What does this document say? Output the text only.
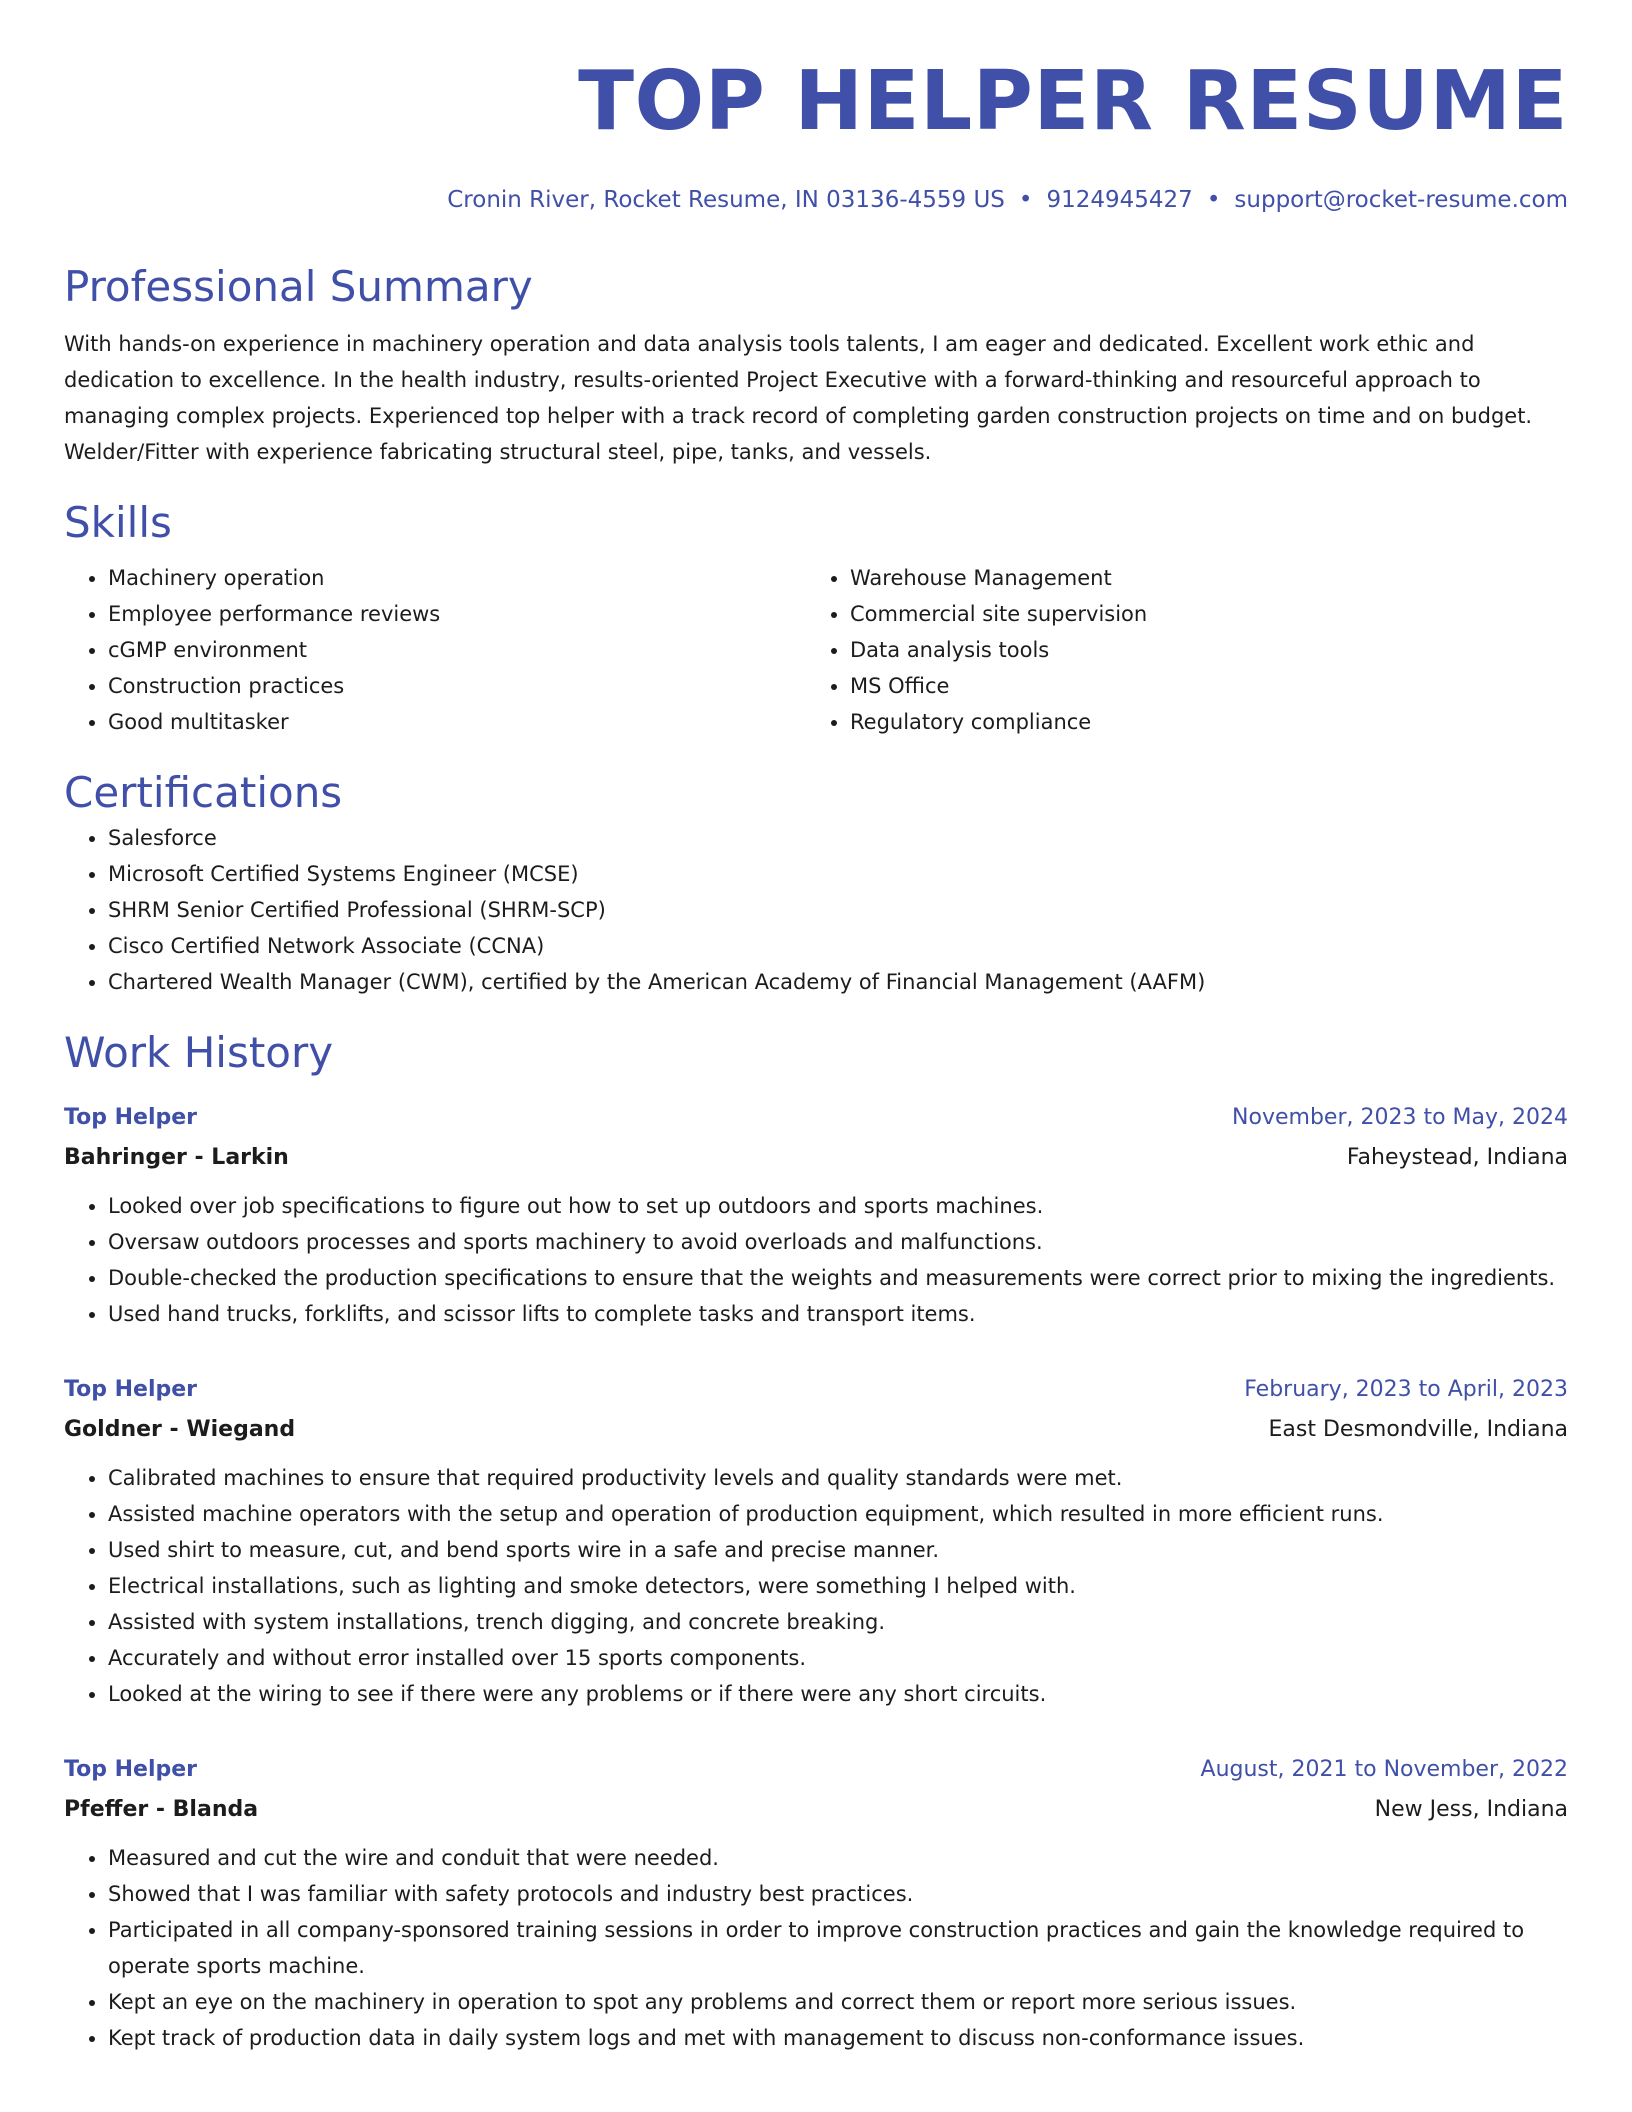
TOP HELPER RESUME
Cronin River, Rocket Resume, IN 03136-4559 US • 9124945427 • support@rocket-resume.com
Professional Summary

With hands-on experience in machinery operation and data analysis tools talents, I am eager and dedicated. Excellent work ethic and dedication to excellence. In the health industry, results-oriented Project Executive with a forward-thinking and resourceful approach to managing complex projects. Experienced top helper with a track record of completing garden construction projects on time and on budget. Welder/Fitter with experience fabricating structural steel, pipe, tanks, and vessels.

Skills
• Machinery operation
• Employee performance reviews
• cGMP environment
• Construction practices
• Good multitasker
• Warehouse Management
• Commercial site supervision
• Data analysis tools
• MS Office
• Regulatory compliance
Certifications
• Salesforce
• Microsoft Certified Systems Engineer (MCSE)
• SHRM Senior Certified Professional (SHRM-SCP)
• Cisco Certified Network Associate (CCNA)
• Chartered Wealth Manager (CWM), certified by the American Academy of Financial Management (AAFM)
Work History
Top Helper	November, 2023 to May, 2024
Bahringer - Larkin	Faheystead, Indiana
• Looked over job specifications to figure out how to set up outdoors and sports machines.
• Oversaw outdoors processes and sports machinery to avoid overloads and malfunctions.
• Double-checked the production specifications to ensure that the weights and measurements were correct prior to mixing the ingredients.
• Used hand trucks, forklifts, and scissor lifts to complete tasks and transport items.
Top Helper	February, 2023 to April, 2023
Goldner - Wiegand	East Desmondville, Indiana
• Calibrated machines to ensure that required productivity levels and quality standards were met.
• Assisted machine operators with the setup and operation of production equipment, which resulted in more efficient runs.
• Used shirt to measure, cut, and bend sports wire in a safe and precise manner.
• Electrical installations, such as lighting and smoke detectors, were something I helped with.
• Assisted with system installations, trench digging, and concrete breaking.
• Accurately and without error installed over 15 sports components.
• Looked at the wiring to see if there were any problems or if there were any short circuits.
Top Helper	August, 2021 to November, 2022
Pfeffer - Blanda	New Jess, Indiana
• Measured and cut the wire and conduit that were needed.
• Showed that I was familiar with safety protocols and industry best practices.
• Participated in all company-sponsored training sessions in order to improve construction practices and gain the knowledge required to operate sports machine.
• Kept an eye on the machinery in operation to spot any problems and correct them or report more serious issues.
• Kept track of production data in daily system logs and met with management to discuss non-conformance issues.
